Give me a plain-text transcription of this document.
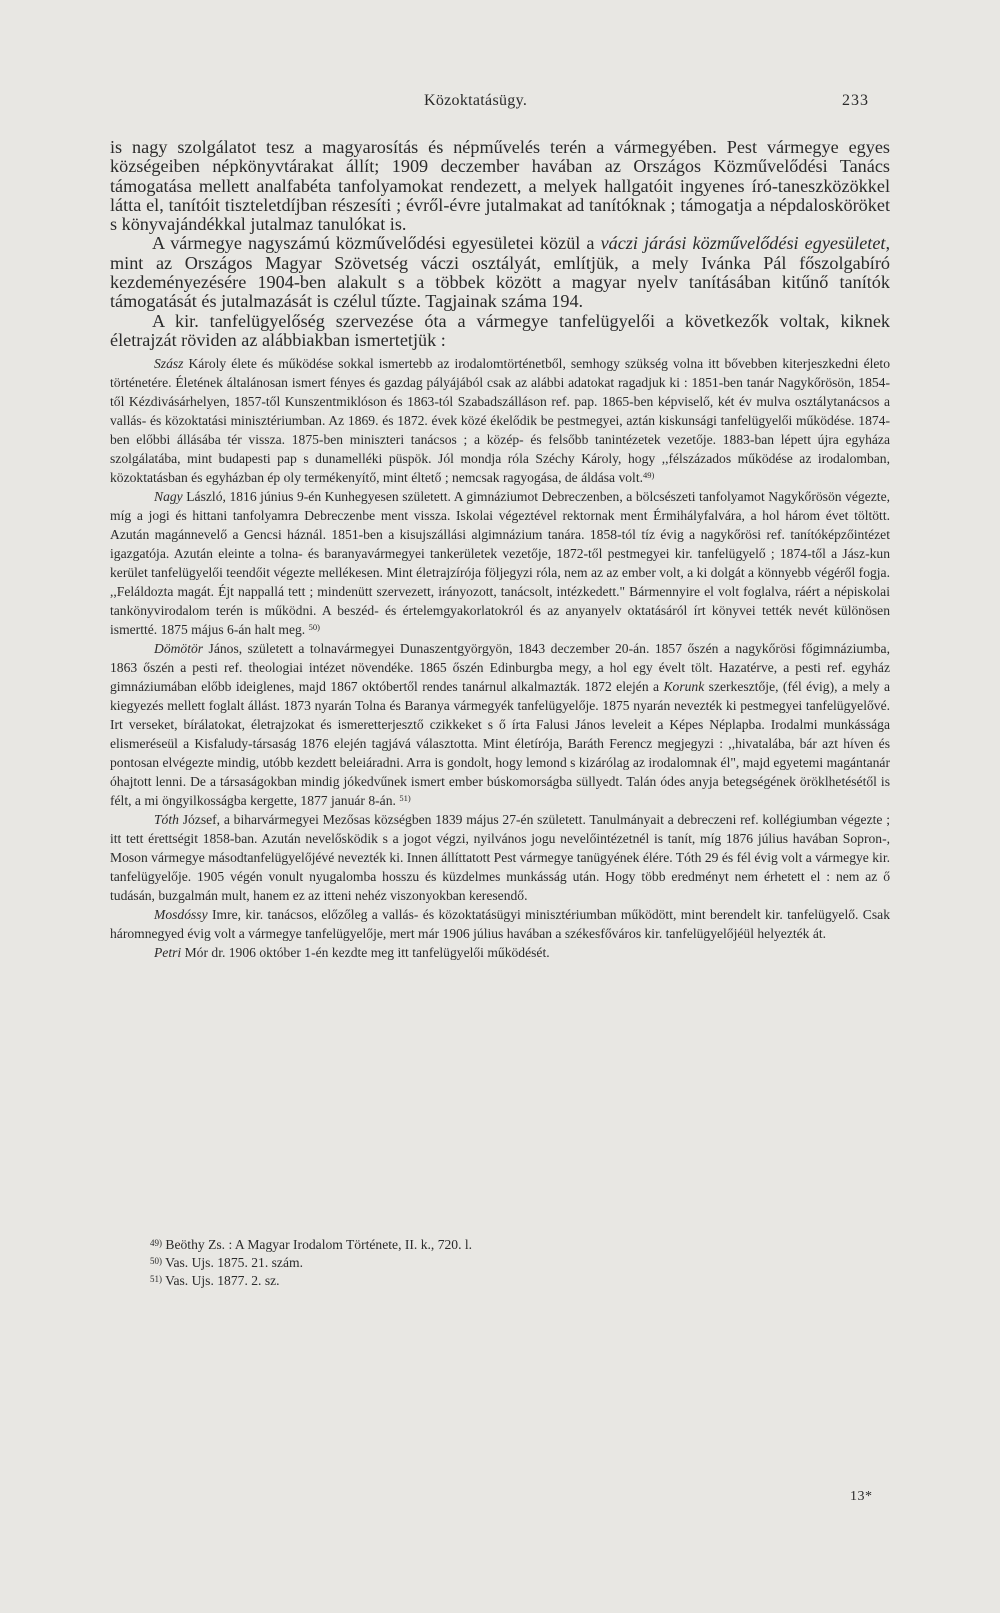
Közoktatásügy.	233

is nagy szolgálatot tesz a magyarosítás és népművelés terén a vármegyében. Pest vármegye egyes községeiben népkönyvtárakat állít; 1909 deczember havában az Országos Közművelődési Tanács támogatása mellett analfabéta tanfolyamokat rendezett, a melyek hallgatóit ingyenes író-taneszközökkel látta el, tanítóit tiszteletdíjban részesíti ; évről-évre jutalmakat ad tanítóknak ; támogatja a népdalosköröket s könyvajándékkal jutalmaz tanulókat is.

A vármegye nagyszámú közművelődési egyesületei közül a váczi járási közművelődési egyesületet, mint az Országos Magyar Szövetség váczi osztályát, említjük, a mely Ivánka Pál főszolgabíró kezdeményezésére 1904-ben alakult s a többek között a magyar nyelv tanításában kitűnő tanítók támogatását és jutalmazását is czélul tűzte. Tagjainak száma 194.

A kir. tanfelügyelőség szervezése óta a vármegye tanfelügyelői a következők voltak, kiknek életrajzát röviden az alábbiakban ismertetjük :

Szász Károly élete és működése sokkal ismertebb az irodalomtörténetből, semhogy szükség volna itt bővebben kiterjeszkedni életo történetére. Életének általánosan ismert fényes és gazdag pályájából csak az alábbi adatokat ragadjuk ki : 1851-ben tanár Nagykőrösön, 1854-től Kézdivásárhelyen, 1857-től Kunszentmiklóson és 1863-tól Szabadszálláson ref. pap. 1865-ben képviselő, két év mulva osztálytanácsos a vallás- és közoktatási minisztériumban. Az 1869. és 1872. évek közé ékelődik be pestmegyei, aztán kiskunsági tanfelügyelői működése. 1874-ben előbbi állásába tér vissza. 1875-ben miniszteri tanácsos ; a közép- és felsőbb tanintézetek vezetője. 1883-ban lépett újra egyháza szolgálatába, mint budapesti pap s dunamelléki püspök. Jól mondja róla Széchy Károly, hogy ,,félszázados működése az irodalomban, közoktatásban és egyházban ép oly termékenyítő, mint éltető ; nemcsak ragyogása, de áldása volt.$^{49)}$

Nagy László, 1816 június 9-én Kunhegyesen született. A gimnáziumot Debreczenben, a bölcsészeti tanfolyamot Nagykőrösön végezte, míg a jogi és hittani tanfolyamra Debreczenbe ment vissza. Iskolai végeztével rektornak ment Érmihályfalvára, a hol három évet töltött. Azután magánnevelő a Gencsi háznál. 1851-ben a kisujszállási algimnázium tanára. 1858-tól tíz évig a nagykőrösi ref. tanítóképzőintézet igazgatója. Azután eleinte a tolna- és baranyavármegyei tankerületek vezetője, 1872-től pestmegyei kir. tanfelügyelő ; 1874-től a Jász-kun kerület tanfelügyelői teendőit végezte mellékesen. Mint életrajzírója följegyzi róla, nem az az ember volt, a ki dolgát a könnyebb végéről fogja. ,,Feláldozta magát. Éjt nappallá tett ; mindenütt szervezett, irányozott, tanácsolt, intézkedett." Bármennyire el volt foglalva, ráért a népiskolai tankönyvirodalom terén is működni. A beszéd- és értelemgyakorlatokról és az anyanyelv oktatásáról írt könyvei tették nevét különösen ismertté. 1875 május 6-án halt meg. $^{50)}$

Dömötör János, született a tolnavármegyei Dunaszentgyörgyön, 1843 deczember 20-án. 1857 őszén a nagykőrösi főgimnáziumba, 1863 őszén a pesti ref. theologiai intézet növendéke. 1865 őszén Edinburgba megy, a hol egy évelt tölt. Hazatérve, a pesti ref. egyház gimnáziumában előbb ideiglenes, majd 1867 októbertől rendes tanárnul alkalmazták. 1872 elején a Korunk szerkesztője, (fél évig), a mely a kiegyezés mellett foglalt állást. 1873 nyarán Tolna és Baranya vármegyék tanfelügyelője. 1875 nyarán nevezték ki pestmegyei tanfelügyelővé. Irt verseket, bírálatokat, életrajzokat és ismeretterjesztő czikkeket s ő írta Falusi János leveleit a Képes Néplapba. Irodalmi munkássága elismeréseül a Kisfaludy-társaság 1876 elején tagjává választotta. Mint életírója, Baráth Ferencz megjegyzi : ,,hivatalába, bár azt híven és pontosan elvégezte mindig, utóbb kezdett beleiáradni. Arra is gondolt, hogy lemond s kizárólag az irodalomnak él", majd egyetemi magántanár óhajtott lenni. De a társaságokban mindig jókedvűnek ismert ember búskomorságba süllyedt. Talán ódes anyja betegségének öröklhetésétől is félt, a mi öngyilkosságba kergette, 1877 január 8-án. $^{51)}$

Tóth József, a biharvármegyei Mezősas községben 1839 május 27-én született. Tanulmányait a debreczeni ref. kollégiumban végezte ; itt tett érettségit 1858-ban. Azután nevelősködik s a jogot végzi, nyilvános jogu nevelőintézetnél is tanít, míg 1876 július havában Sopron-, Moson vármegye másodtanfelügyelőjévé nevezték ki. Innen állíttatott Pest vármegye tanügyének élére. Tóth 29 és fél évig volt a vármegye kir. tanfelügyelője. 1905 végén vonult nyugalomba hosszu és küzdelmes munkásság után. Hogy több eredményt nem érhetett el : nem az ő tudásán, buzgalmán mult, hanem ez az itteni nehéz viszonyokban keresendő.

Mosdóssy Imre, kir. tanácsos, előzőleg a vallás- és közoktatásügyi minisztériumban működött, mint berendelt kir. tanfelügyelő. Csak háromnegyed évig volt a vármegye tanfelügyelője, mert már 1906 július havában a székesfőváros kir. tanfelügyelőjéül helyezték át.

Petri Mór dr. 1906 október 1-én kezdte meg itt tanfelügyelői működését.

$^{49)}$ Beöthy Zs. : A Magyar Irodalom Története, II. k., 720. l.
$^{50)}$ Vas. Ujs. 1875. 21. szám.
$^{51)}$ Vas. Ujs. 1877. 2. sz.
13*
